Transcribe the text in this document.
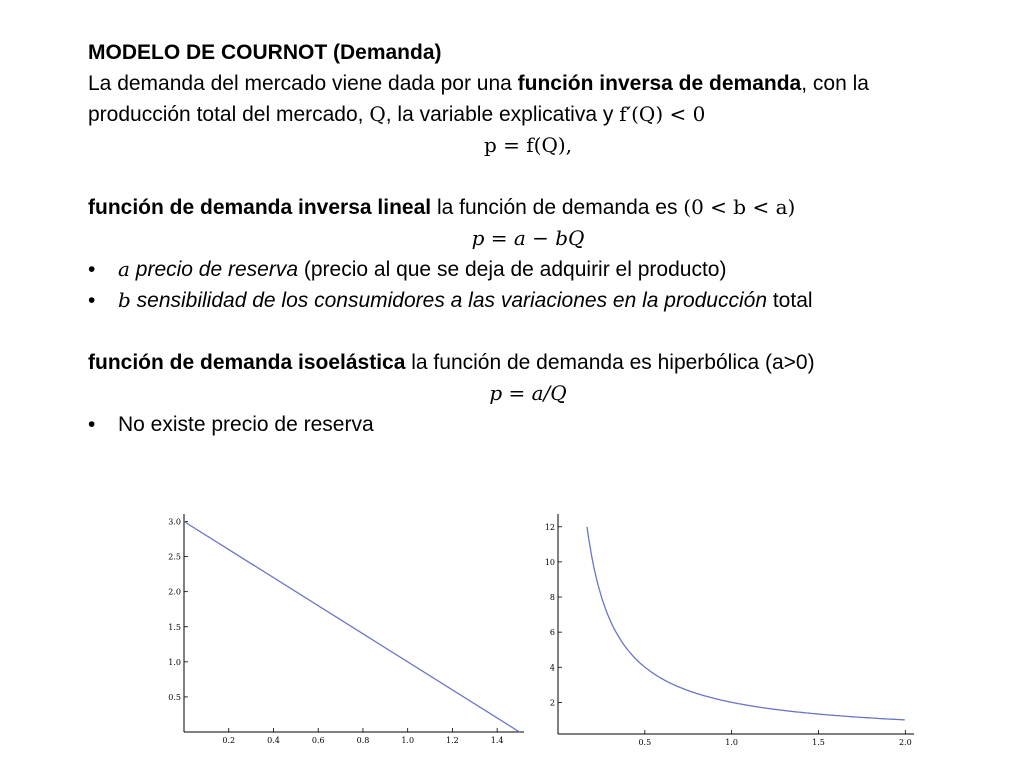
MODELO DE COURNOT (Demanda)
La demanda del mercado viene dada por una función inversa de demanda, con la
producción total del mercado, Q, la variable explicativa y f′(Q) < 0
p = f(Q),
función de demanda inversa lineal la función de demanda es (0 < b < a)
p = a − bQ
• a precio de reserva (precio al que se deja de adquirir el producto)
• b sensibilidad de los consumidores a las variaciones en la producción total
función de demanda isoelástica la función de demanda es hiperbólica (a>0)
p = a/Q
• No existe precio de reserva
0.2	0.4	0.6	0.8	1.0	1.2	1.4
0.5
1.0
1.5
2.0
2.5
3.0
0.5	1.0	1.5	2.0
2
4
6
8
10
12
